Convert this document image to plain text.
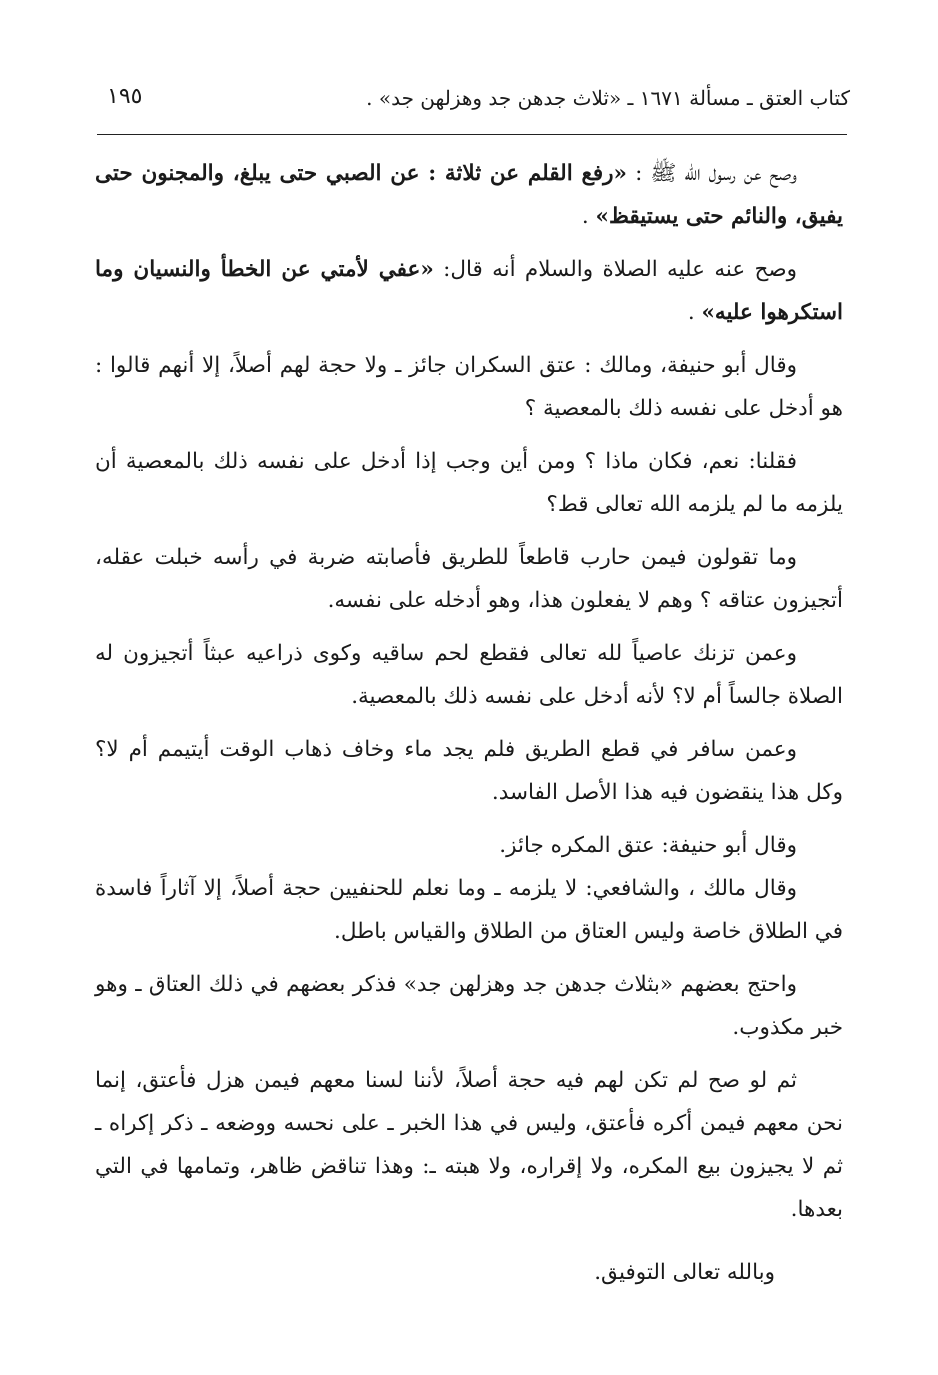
كتاب العتق ـ مسألة ١٦٧١ ـ «ثلاث جدهن جد وهزلهن جد» .
١٩٥

وصح عن رسول الله ﷺ : «رفع القلم عن ثلاثة : عن الصبي حتى يبلغ، والمجنون حتى يفيق، والنائم حتى يستيقظ» .

وصح عنه عليه الصلاة والسلام أنه قال: «عفي لأمتي عن الخطأ والنسيان وما استكرهوا عليه» .

وقال أبو حنيفة، ومالك : عتق السكران جائز ـ ولا حجة لهم أصلاً، إلا أنهم قالوا : هو أدخل على نفسه ذلك بالمعصية ؟

فقلنا: نعم، فكان ماذا ؟ ومن أين وجب إذا أدخل على نفسه ذلك بالمعصية أن يلزمه ما لم يلزمه الله تعالى قط؟

وما تقولون فيمن حارب قاطعاً للطريق فأصابته ضربة في رأسه خبلت عقله، أتجيزون عتاقه ؟ وهم لا يفعلون هذا، وهو أدخله على نفسه.

وعمن تزنك عاصياً لله تعالى فقطع لحم ساقيه وكوى ذراعيه عبثاً أتجيزون له الصلاة جالساً أم لا؟ لأنه أدخل على نفسه ذلك بالمعصية.

وعمن سافر في قطع الطريق فلم يجد ماء وخاف ذهاب الوقت أيتيمم أم لا؟ وكل هذا ينقضون فيه هذا الأصل الفاسد.

وقال أبو حنيفة: عتق المكره جائز.

وقال مالك ، والشافعي: لا يلزمه ـ وما نعلم للحنفيين حجة أصلاً، إلا آثاراً فاسدة في الطلاق خاصة وليس العتاق من الطلاق والقياس باطل.

واحتج بعضهم «بثلاث جدهن جد وهزلهن جد» فذكر بعضهم في ذلك العتاق ـ وهو خبر مكذوب.

ثم لو صح لم تكن لهم فيه حجة أصلاً، لأننا لسنا معهم فيمن هزل فأعتق، إنما نحن معهم فيمن أكره فأعتق، وليس في هذا الخبر ـ على نحسه ووضعه ـ ذكر إكراه ـ ثم لا يجيزون بيع المكره، ولا إقراره، ولا هبته ـ: وهذا تناقض ظاهر، وتمامها في التي بعدها.

وبالله تعالى التوفيق.
